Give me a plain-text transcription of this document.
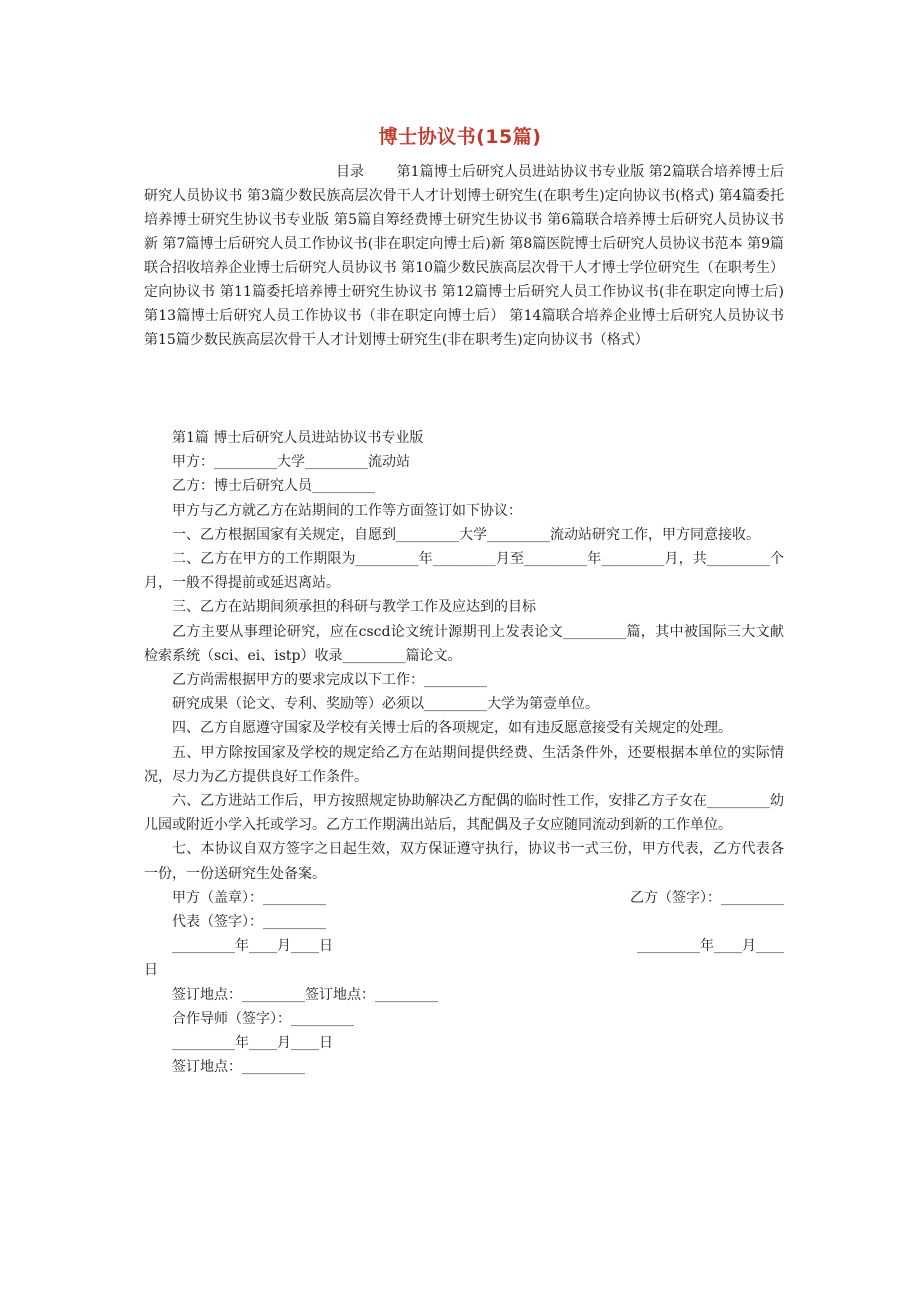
博士协议书(15篇)
目录　　 第1篇博士后研究人员进站协议书专业版 第2篇联合培养博士后研究人员协议书 第3篇少数民族高层次骨干人才计划博士研究生(在职考生)定向协议书(格式) 第4篇委托培养博士研究生协议书专业版 第5篇自筹经费博士研究生协议书 第6篇联合培养博士后研究人员协议书新 第7篇博士后研究人员工作协议书(非在职定向博士后)新 第8篇医院博士后研究人员协议书范本 第9篇联合招收培养企业博士后研究人员协议书 第10篇少数民族高层次骨干人才博士学位研究生（在职考生）定向协议书 第11篇委托培养博士研究生协议书 第12篇博士后研究人员工作协议书(非在职定向博士后) 第13篇博士后研究人员工作协议书（非在职定向博士后） 第14篇联合培养企业博士后研究人员协议书 第15篇少数民族高层次骨干人才计划博士研究生(非在职考生)定向协议书（格式）

第1篇 博士后研究人员进站协议书专业版

甲方：_________大学_________流动站

乙方：博士后研究人员_________

甲方与乙方就乙方在站期间的工作等方面签订如下协议：

一、乙方根据国家有关规定，自愿到_________大学_________流动站研究工作，甲方同意接收。

二、乙方在甲方的工作期限为_________年_________月至_________年_________月，共_________个月，一般不得提前或延迟离站。

三、乙方在站期间须承担的科研与教学工作及应达到的目标

乙方主要从事理论研究，应在cscd论文统计源期刊上发表论文_________篇，其中被国际三大文献检索系统（sci、ei、istp）收录_________篇论文。

乙方尚需根据甲方的要求完成以下工作：_________

研究成果（论文、专利、奖励等）必须以_________大学为第壹单位。

四、乙方自愿遵守国家及学校有关博士后的各项规定，如有违反愿意接受有关规定的处理。

五、甲方除按国家及学校的规定给乙方在站期间提供经费、生活条件外，还要根据本单位的实际情况，尽力为乙方提供良好工作条件。

六、乙方进站工作后，甲方按照规定协助解决乙方配偶的临时性工作，安排乙方子女在_________幼儿园或附近小学入托或学习。乙方工作期满出站后，其配偶及子女应随同流动到新的工作单位。

七、本协议自双方签字之日起生效，双方保证遵守执行，协议书一式三份，甲方代表，乙方代表各一份，一份送研究生处备案。

甲方（盖章）：_________	乙方（签字）：_________
代表（签字）：_________
_________年____月____日	_________年____月____
日
签订地点：_________签订地点：_________
合作导师（签字）：_________
_________年____月____日
签订地点：_________
